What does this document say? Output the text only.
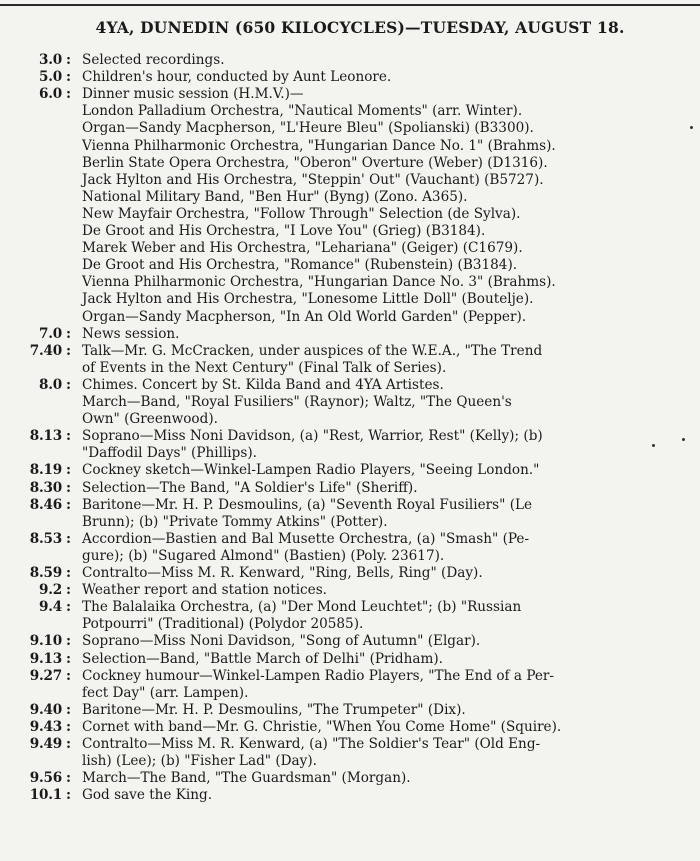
4YA, DUNEDIN (650 KILOCYCLES)—TUESDAY, AUGUST 18.
3.0 : Selected recordings.
5.0 : Children's hour, conducted by Aunt Leonore.
6.0 : Dinner music session (H.M.V.)—
London Palladium Orchestra, "Nautical Moments" (arr. Winter).
Organ—Sandy Macpherson, "L'Heure Bleu" (Spolianski) (B3300).
Vienna Philharmonic Orchestra, "Hungarian Dance No. 1" (Brahms).
Berlin State Opera Orchestra, "Oberon" Overture (Weber) (D1316).
Jack Hylton and His Orchestra, "Steppin' Out" (Vauchant) (B5727).
National Military Band, "Ben Hur" (Byng) (Zono. A365).
New Mayfair Orchestra, "Follow Through" Selection (de Sylva).
De Groot and His Orchestra, "I Love You" (Grieg) (B3184).
Marek Weber and His Orchestra, "Lehariana" (Geiger) (C1679).
De Groot and His Orchestra, "Romance" (Rubenstein) (B3184).
Vienna Philharmonic Orchestra, "Hungarian Dance No. 3" (Brahms).
Jack Hylton and His Orchestra, "Lonesome Little Doll" (Boutelje).
Organ—Sandy Macpherson, "In An Old World Garden" (Pepper).
7.0 : News session.
7.40 : Talk—Mr. G. McCracken, under auspices of the W.E.A., "The Trend
of Events in the Next Century" (Final Talk of Series).
8.0 : Chimes. Concert by St. Kilda Band and 4YA Artistes.
March—Band, "Royal Fusiliers" (Raynor); Waltz, "The Queen's
Own" (Greenwood).
8.13 : Soprano—Miss Noni Davidson, (a) "Rest, Warrior, Rest" (Kelly); (b)
"Daffodil Days" (Phillips).
8.19 : Cockney sketch—Winkel-Lampen Radio Players, "Seeing London."
8.30 : Selection—The Band, "A Soldier's Life" (Sheriff).
8.46 : Baritone—Mr. H. P. Desmoulins, (a) "Seventh Royal Fusiliers" (Le
Brunn); (b) "Private Tommy Atkins" (Potter).
8.53 : Accordion—Bastien and Bal Musette Orchestra, (a) "Smash" (Pe-
gure); (b) "Sugared Almond" (Bastien) (Poly. 23617).
8.59 : Contralto—Miss M. R. Kenward, "Ring, Bells, Ring" (Day).
9.2 : Weather report and station notices.
9.4 : The Balalaika Orchestra, (a) "Der Mond Leuchtet"; (b) "Russian
Potpourri" (Traditional) (Polydor 20585).
9.10 : Soprano—Miss Noni Davidson, "Song of Autumn" (Elgar).
9.13 : Selection—Band, "Battle March of Delhi" (Pridham).
9.27 : Cockney humour—Winkel-Lampen Radio Players, "The End of a Per-
fect Day" (arr. Lampen).
9.40 : Baritone—Mr. H. P. Desmoulins, "The Trumpeter" (Dix).
9.43 : Cornet with band—Mr. G. Christie, "When You Come Home" (Squire).
9.49 : Contralto—Miss M. R. Kenward, (a) "The Soldier's Tear" (Old Eng-
lish) (Lee); (b) "Fisher Lad" (Day).
9.56 : March—The Band, "The Guardsman" (Morgan).
10.1 : God save the King.
